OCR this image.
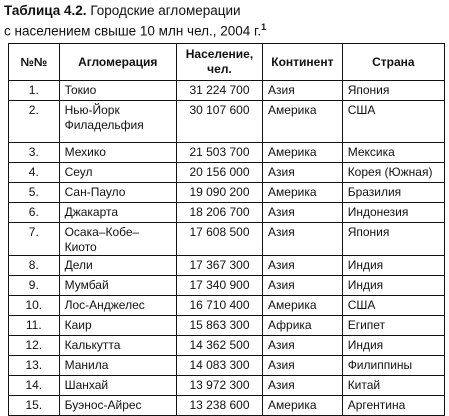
Таблица 4.2. Городские агломерации
с населением свыше 10 млн чел., 2004 г.$^1$
№№	Агломерация	Население, чел.	Континент	Страна
1.	Токио	31 224 700	Азия	Япония
2.	Нью-Йорк Филадельфия	30 107 600	Америка	США
3.	Мехико	21 503 700	Америка	Мексика
4.	Сеул	20 156 000	Азия	Корея (Южная)
5.	Сан-Пауло	19 090 200	Америка	Бразилия
6.	Джакарта	18 206 700	Азия	Индонезия
7.	Осака–Кобе–Киото	17 608 500	Азия	Япония
8.	Дели	17 367 300	Азия	Индия
9.	Мумбай	17 340 900	Азия	Индия
10.	Лос-Анджелес	16 710 400	Америка	США
11.	Каир	15 863 300	Африка	Египет
12.	Калькутта	14 362 500	Азия	Индия
13.	Манила	14 083 300	Азия	Филиппины
14.	Шанхай	13 972 300	Азия	Китай
15.	Буэнос-Айрес	13 238 600	Америка	Аргентина
